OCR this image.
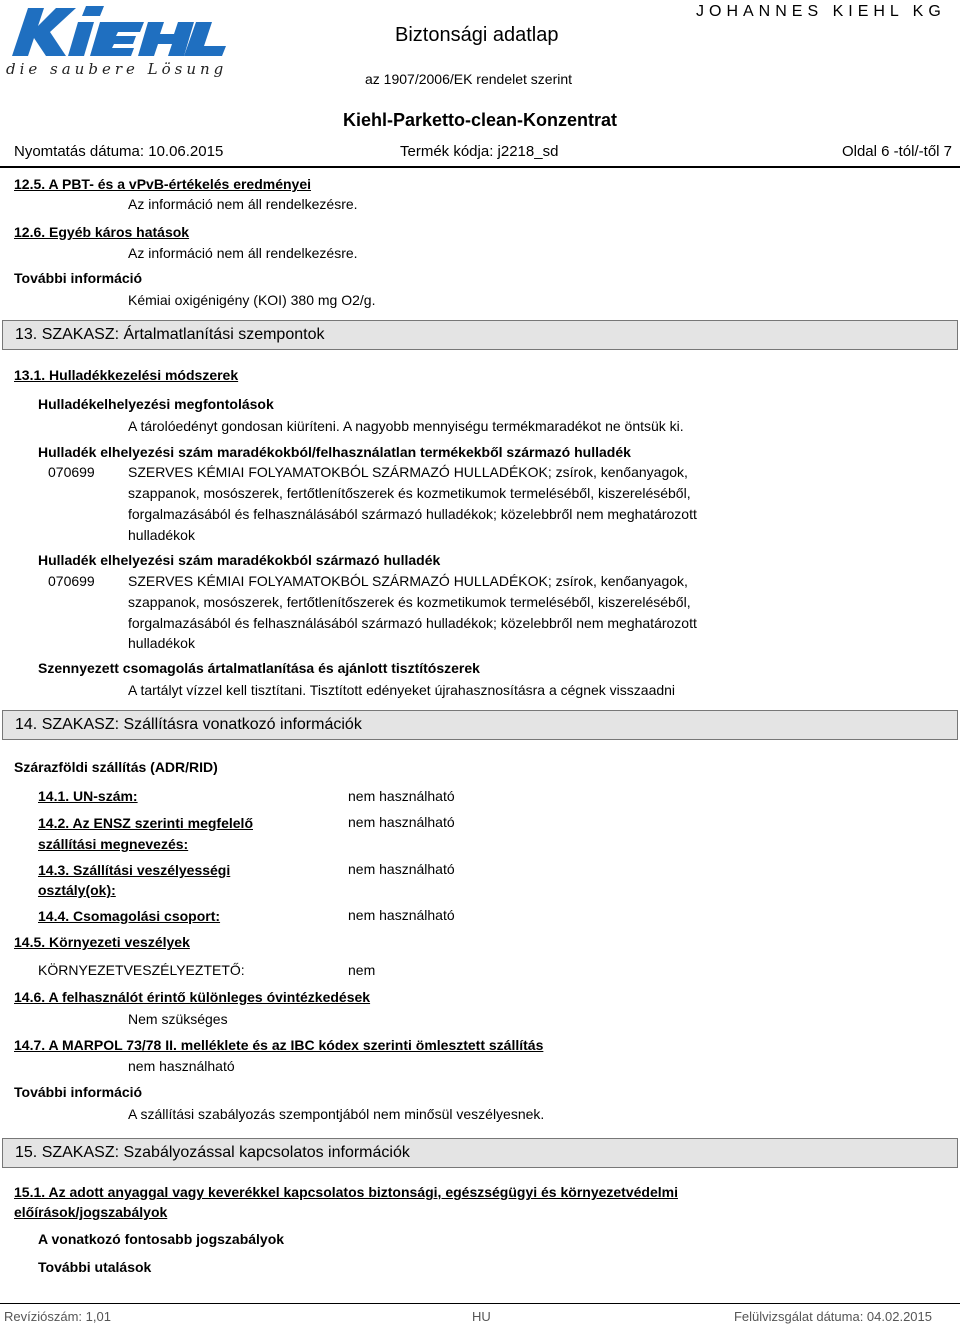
die saubere Lösung
Biztonsági adatlap
JOHANNES KIEHL KG
az 1907/2006/EK rendelet szerint
Kiehl-Parketto-clean-Konzentrat
Nyomtatás dátuma: 10.06.2015	Termék kódja: j2218_sd	Oldal 6 -tól/-től 7
12.5. A PBT- és a vPvB-értékelés eredményei
Az információ nem áll rendelkezésre.
12.6. Egyéb káros hatások
Az információ nem áll rendelkezésre.
További információ
Kémiai oxigénigény (KOI) 380 mg O2/g.
13. SZAKASZ: Ártalmatlanítási szempontok
13.1. Hulladékkezelési módszerek
Hulladékelhelyezési megfontolások
A tárolóedényt gondosan kiüríteni. A nagyobb mennyiségu termékmaradékot ne öntsük ki.
Hulladék elhelyezési szám maradékokból/felhasználatlan termékekből származó hulladék
070699 SZERVES KÉMIAI FOLYAMATOKBÓL SZÁRMAZÓ HULLADÉKOK; zsírok, kenőanyagok,
szappanok, mosószerek, fertőtlenítőszerek és kozmetikumok termeléséből, kiszereléséből,
forgalmazásából és felhasználásából származó hulladékok; közelebbről nem meghatározott
hulladékok
Hulladék elhelyezési szám maradékokból származó hulladék
070699 SZERVES KÉMIAI FOLYAMATOKBÓL SZÁRMAZÓ HULLADÉKOK; zsírok, kenőanyagok,
szappanok, mosószerek, fertőtlenítőszerek és kozmetikumok termeléséből, kiszereléséből,
forgalmazásából és felhasználásából származó hulladékok; közelebbről nem meghatározott
hulladékok
Szennyezett csomagolás ártalmatlanítása és ajánlott tisztítószerek
A tartályt vízzel kell tisztítani. Tisztított edényeket újrahasznosításra a cégnek visszaadni
14. SZAKASZ: Szállításra vonatkozó információk
Szárazföldi szállítás (ADR/RID)
14.1. UN-szám:	nem használható
14.2. Az ENSZ szerinti megfelelő
szállítási megnevezés:
nem használható
14.3. Szállítási veszélyességi
osztály(ok):
nem használható
14.4. Csomagolási csoport:	nem használható
14.5. Környezeti veszélyek
KÖRNYEZETVESZÉLYEZTETŐ:	nem
14.6. A felhasználót érintő különleges óvintézkedések
Nem szükséges
14.7. A MARPOL 73/78 II. melléklete és az IBC kódex szerinti ömlesztett szállítás
nem használható
További információ
A szállítási szabályozás szempontjából nem minősül veszélyesnek.
15. SZAKASZ: Szabályozással kapcsolatos információk
15.1. Az adott anyaggal vagy keverékkel kapcsolatos biztonsági, egészségügyi és környezetvédelmi
előírások/jogszabályok
A vonatkozó fontosabb jogszabályok
További utalások
Revíziószám: 1,01	HU	Felülvizsgálat dátuma: 04.02.2015
